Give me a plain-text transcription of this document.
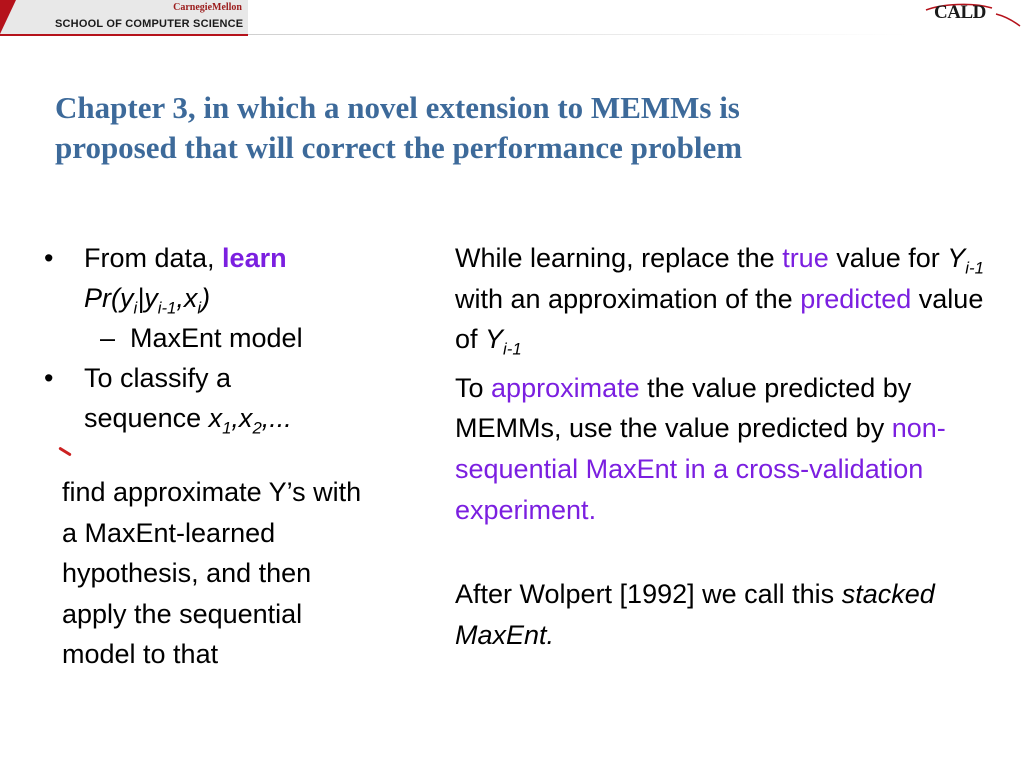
CarnegieMellon
SCHOOL OF COMPUTER SCIENCE
CALD
Chapter 3, in which a novel extension to MEMMs is
proposed that will correct the performance problem
• From data, learn
$Pr(y_i|y_{i-1},x_i)$
– MaxEnt model
• To classify a
sequence $x_1,x_2$,...
find approximate Y’s with a MaxEnt-learned hypothesis, and then apply the sequential model to that

While learning, replace the true value for $Y_{i-1}$ with an approximation of the predicted value of $Y_{i-1}$

To approximate the value predicted by MEMMs, use the value predicted by non-sequential MaxEnt in a cross-validation experiment.

After Wolpert [1992] we call this stacked MaxEnt.
